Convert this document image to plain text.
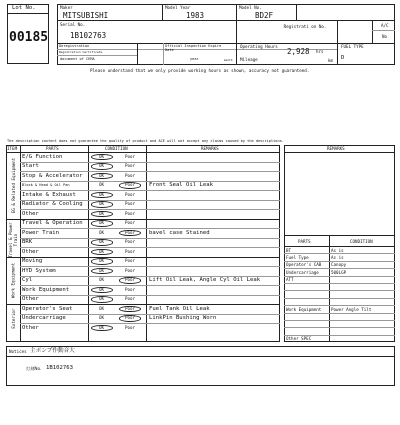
Lot No.
00185
Maker
MITSUBISHI
Model Year
1983
Model No.
BD2F
Serial No.
1B102763
Registrati on No.	A/C
No
Deregistration
Registration Certificate
document of CEMA
Official Inspection Expire Date
year	month
Operating Hours
2,928 hrs
Mileage	km
FUEL TYPE
D
Please understand that we only provide working hours as shown, accuracy not guaranteed.
The description content does not guarantee the quality of product and ACE will not accept any claims caused by the descriptions.
ITEM	PARTS	CONDITION	REMARKS
E/G Function	OK	Poor
Start	OK	Poor
Stop & Accelerator	OK	Poor
Block & Head & Oil Pan	OK	Poor Front Seal Oil Leak
Intake & Exhaust	OK	Poor
Radiator & Cooling	OK	Poor
Other	OK	Poor
EG & Related Equipment
Travel & Operation	OK	Poor
Power Train	OK	Poor bavel case Stained
BRK	OK	Poor
Other	OK	Poor
Travel & Power Train
Moving	OK	Poor
HYD System	OK	Poor
Cyl	OK	Poor Lift Oil Leak, Angle Cyl Oil Leak
Work Equipment	OK	Poor
Other	OK	Poor
Work Equipment
Operator's Seat	OK	Poor Fuel Tank Oil Leak
Undercarriage	OK	Poor LinkPin Bushing Worn
Other	OK	Poor
Exterior
REMARKS
PARTS	CONDITION
BT	As is
Fuel Type	As is
Operator's CAB Canopy
Undercarriage	500LGP
ATT
Work Equipment Power Angle Tilt
Other SPEC
Notices 主ポンプ作動音大
打刻No. 1B102763
